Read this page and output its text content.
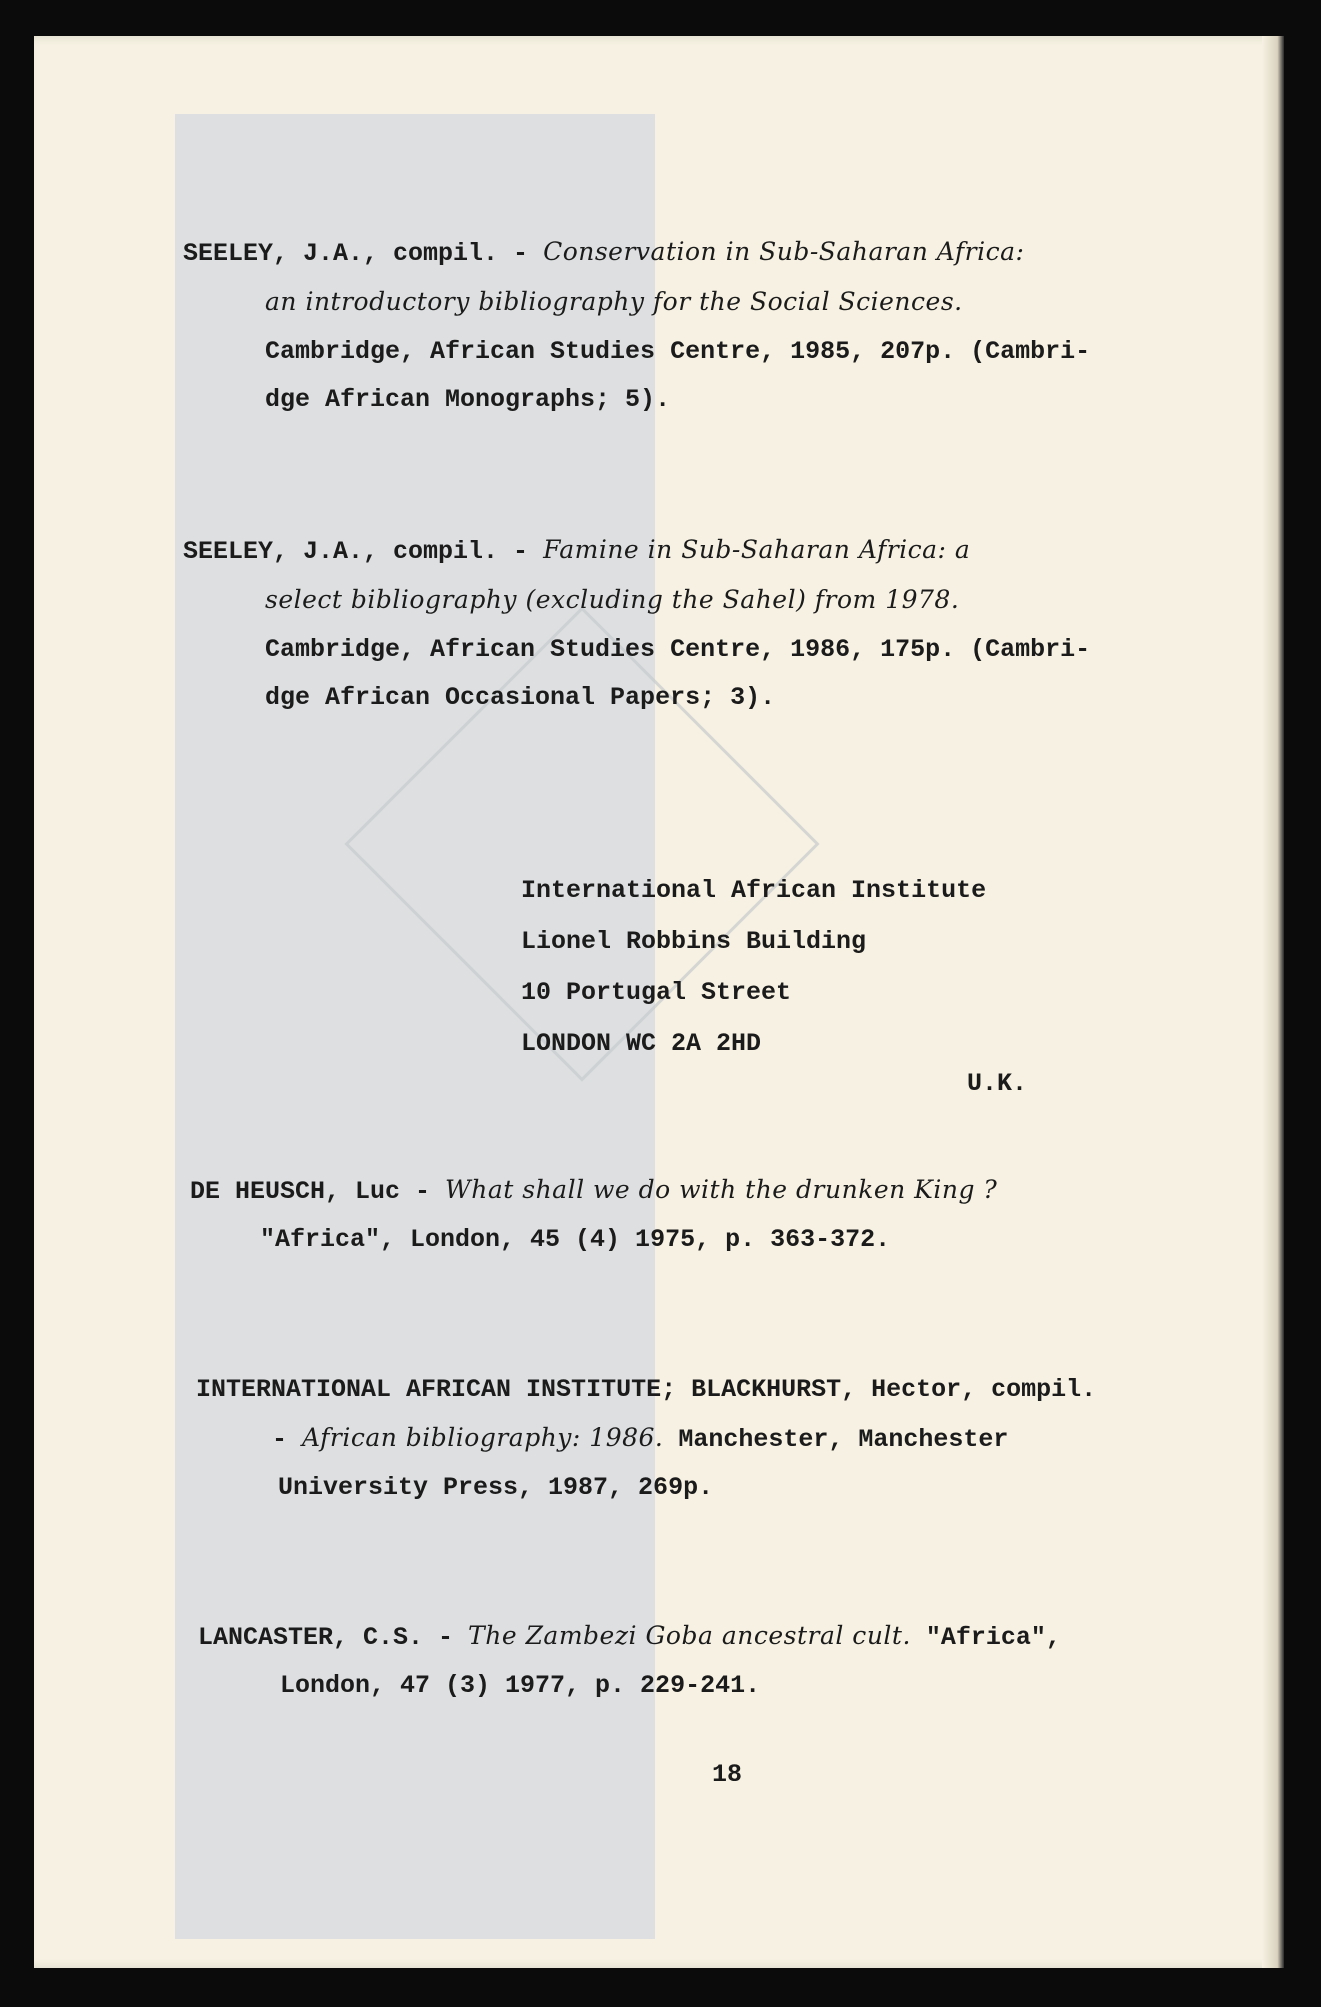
SEELEY, J.A., compil. - Conservation in Sub-Saharan Africa:
an introductory bibliography for the Social Sciences.
Cambridge, African Studies Centre, 1985, 207p. (Cambri-
dge African Monographs; 5).
SEELEY, J.A., compil. - Famine in Sub-Saharan Africa: a
select bibliography (excluding the Sahel) from 1978.
Cambridge, African Studies Centre, 1986, 175p. (Cambri-
dge African Occasional Papers; 3).
International African Institute
Lionel Robbins Building
10 Portugal Street
LONDON WC 2A 2HD
U.K.
DE HEUSCH, Luc - What shall we do with the drunken King ?
"Africa", London, 45 (4) 1975, p. 363-372.
INTERNATIONAL AFRICAN INSTITUTE; BLACKHURST, Hector, compil.
- African bibliography: 1986. Manchester, Manchester
University Press, 1987, 269p.
LANCASTER, C.S. - The Zambezi Goba ancestral cult. "Africa",
London, 47 (3) 1977, p. 229-241.
18
